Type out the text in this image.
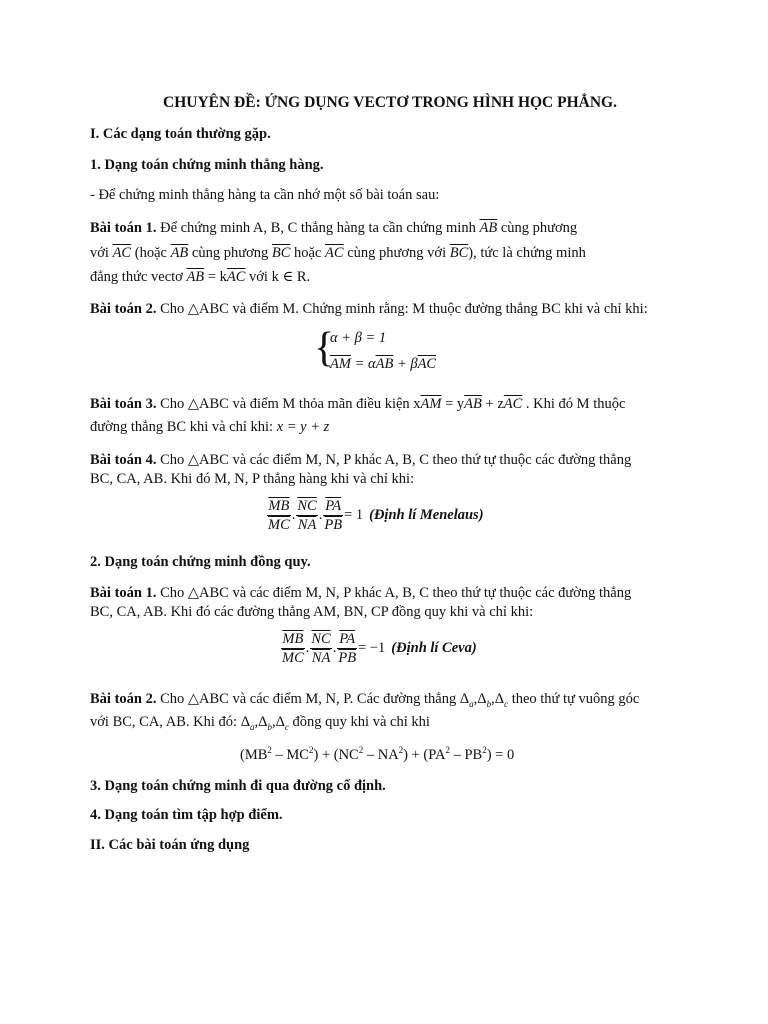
CHUYÊN ĐỀ: ỨNG DỤNG VECTƠ TRONG HÌNH HỌC PHẲNG.
I. Các dạng toán thường gặp.
1. Dạng toán chứng minh thẳng hàng.
- Để chứng minh thẳng hàng ta cần nhớ một số bài toán sau:
Bài toán 1. Để chứng minh A, B, C thẳng hàng ta cần chứng minh $\overline{AB}$ cùng phương
với $\overline{AC}$ (hoặc $\overline{AB}$ cùng phương $\overline{BC}$ hoặc $\overline{AC}$ cùng phương với $\overline{BC}$), tức là chứng minh
đẳng thức vectơ $\overline{AB} = k\overline{AC}$ với k ∈ R.
Bài toán 2. Cho △ABC và điểm M. Chứng minh rằng: M thuộc đường thẳng BC khi và chỉ khi:
{
α + β = 1
$\overline{AM} = \alpha\overline{AB} + \beta\overline{AC}$
Bài toán 3. Cho △ABC và điểm M thỏa mãn điều kiện $x\overline{AM} = y\overline{AB} + z\overline{AC}$ . Khi đó M thuộc
đường thẳng BC khi và chỉ khi: x = y + z
Bài toán 4. Cho △ABC và các điểm M, N, P khác A, B, C theo thứ tự thuộc các đường thẳng
BC, CA, AB. Khi đó M, N, P thẳng hàng khi và chỉ khi:
$\frac{\overline{MB}}{MC}$ . $\frac{\overline{NC}}{NA}$ . $\frac{\overline{PA}}{PB} = 1$ (Định lí Menelaus)
2. Dạng toán chứng minh đồng quy.
Bài toán 1. Cho △ABC và các điểm M, N, P khác A, B, C theo thứ tự thuộc các đường thẳng
BC, CA, AB. Khi đó các đường thẳng AM, BN, CP đồng quy khi và chỉ khi:
$\frac{\overline{MB}}{MC}$ . $\frac{\overline{NC}}{NA}$ . $\frac{\overline{PA}}{PB} = -1$ (Định lí Ceva)
Bài toán 2. Cho △ABC và các điểm M, N, P. Các đường thẳng $\Delta_a,\Delta_b,\Delta_c$ theo thứ tự vuông góc
với BC, CA, AB. Khi đó: $\Delta_a,\Delta_b,\Delta_c$ đồng quy khi và chỉ khi
$(MB^2 - MC^2) + (NC^2 - NA^2) + (PA^2 - PB^2) = 0$
3. Dạng toán chứng minh đi qua đường cố định.
4. Dạng toán tìm tập hợp điểm.
II. Các bài toán ứng dụng
